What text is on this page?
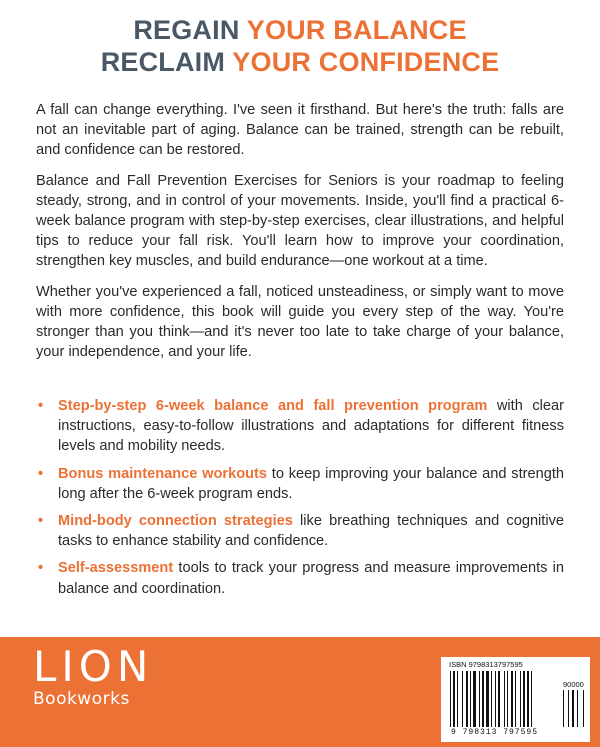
REGAIN YOUR BALANCE
RECLAIM YOUR CONFIDENCE

A fall can change everything. I've seen it firsthand. But here's the truth: falls are not an inevitable part of aging. Balance can be trained, strength can be rebuilt, and confidence can be restored.

Balance and Fall Prevention Exercises for Seniors is your roadmap to feeling steady, strong, and in control of your movements. Inside, you'll find a practical 6-week balance program with step-by-step exercises, clear illustrations, and helpful tips to reduce your fall risk. You'll learn how to improve your coordination, strengthen key muscles, and build endurance—one workout at a time.

Whether you've experienced a fall, noticed unsteadiness, or simply want to move with more confidence, this book will guide you every step of the way. You're stronger than you think—and it's never too late to take charge of your balance, your independence, and your life.

• Step-by-step 6-week balance and fall prevention program with clear instructions, easy-to-follow illustrations and adaptations for different fitness levels and mobility needs.
• Bonus maintenance workouts to keep improving your balance and strength long after the 6-week program ends.
• Mind-body connection strategies like breathing techniques and cognitive tasks to enhance stability and confidence.
• Self-assessment tools to track your progress and measure improvements in balance and coordination.
LION
Bookworks
ISBN 9798313797595
90000
9 798313 797595
